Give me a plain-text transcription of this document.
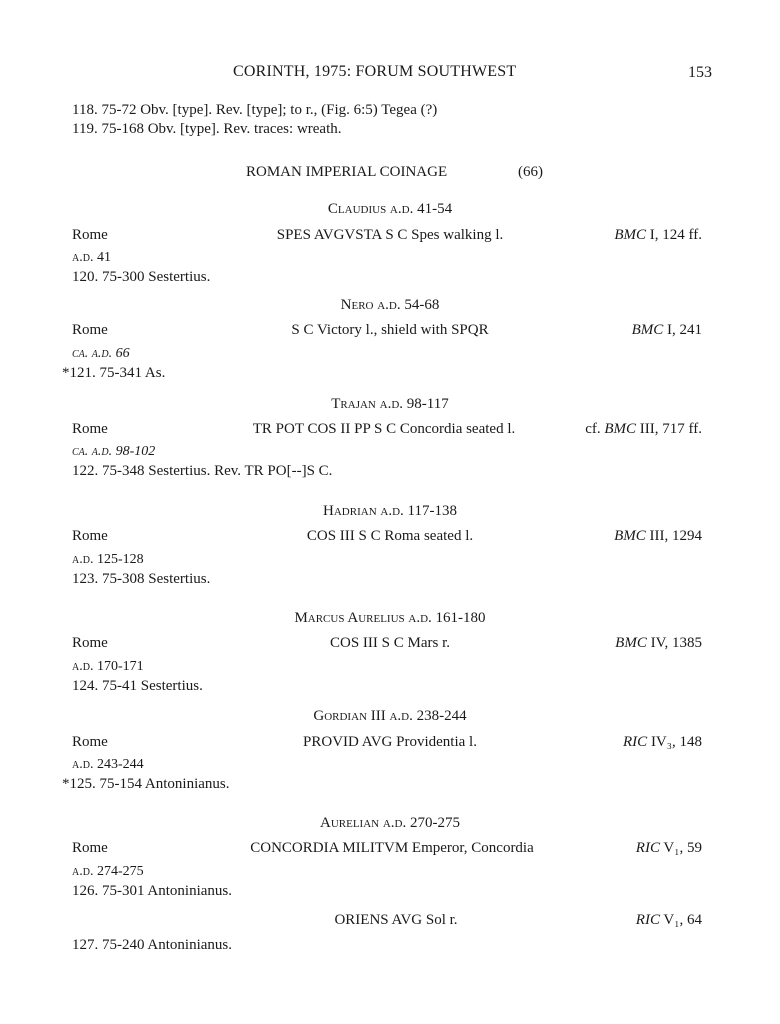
CORINTH, 1975: FORUM SOUTHWEST	153
118. 75-72 Obv. [type]. Rev. [type]; to r., (Fig. 6:5) Tegea (?)
119. 75-168 Obv. [type]. Rev. traces: wreath.
ROMAN IMPERIAL COINAGE	(66)
Claudius a.d. 41-54
Rome	SPES AVGVSTA S C Spes walking l.	BMC I, 124 ff.
a.d. 41
120. 75-300 Sestertius.
Nero a.d. 54-68
Rome	S C Victory l., shield with SPQR	BMC I, 241
ca. a.d. 66
*121. 75-341 As.
Trajan a.d. 98-117
Rome	TR POT COS II PP S C Concordia seated l.	cf. BMC III, 717 ff.
ca. a.d. 98-102
122. 75-348 Sestertius. Rev. TR PO[--]S C.
Hadrian a.d. 117-138
Rome	COS III S C Roma seated l.	BMC III, 1294
a.d. 125-128
123. 75-308 Sestertius.
Marcus Aurelius a.d. 161-180
Rome	COS III S C Mars r.	BMC IV, 1385
a.d. 170-171
124. 75-41 Sestertius.
Gordian III a.d. 238-244
Rome	PROVID AVG Providentia l.	RIC IV₃, 148
a.d. 243-244
*125. 75-154 Antoninianus.
Aurelian a.d. 270-275
Rome	CONCORDIA MILITVM Emperor, Concordia	RIC V₁, 59
a.d. 274-275
126. 75-301 Antoninianus.
ORIENS AVG Sol r.	RIC V₁, 64
127. 75-240 Antoninianus.
